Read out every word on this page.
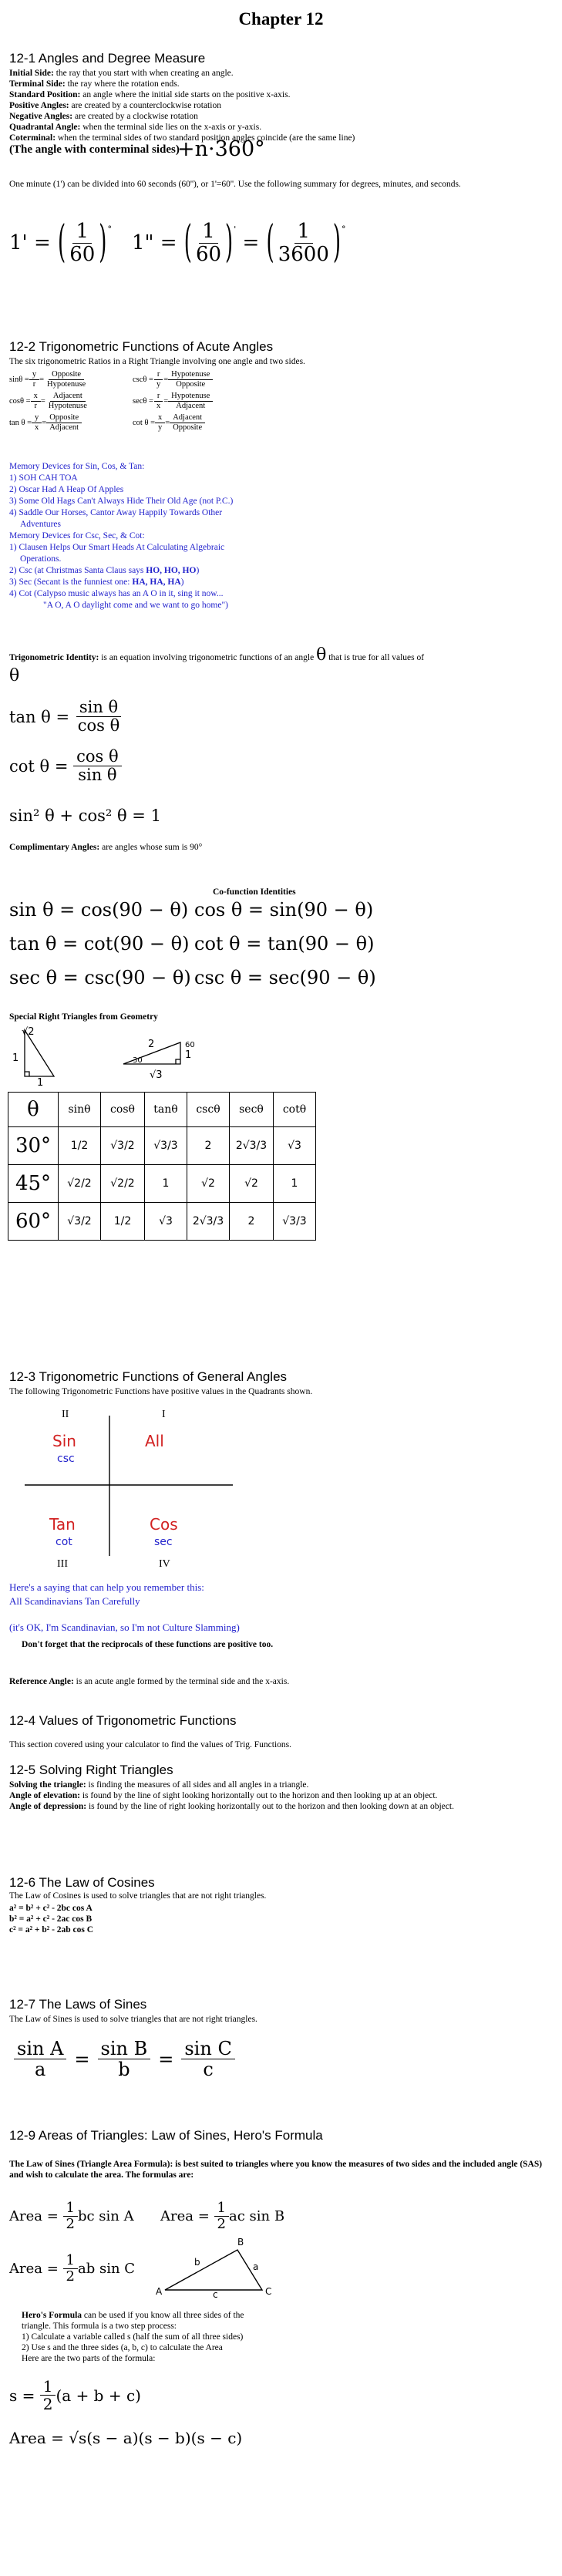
Chapter 12
12-1 Angles and Degree Measure
Initial Side: the ray that you start with when creating an angle.
Terminal Side: the ray where the rotation ends.
Standard Position: an angle where the initial side starts on the positive x-axis.
Positive Angles: are created by a counterclockwise rotation
Negative Angles: are created by a clockwise rotation
Quadrantal Angle: when the terminal side lies on the x-axis or y-axis.
Coterminal: when the terminal sides of two standard position angles coincide (are the same line)
(The angle with conterminal sides)
+n·360°
One minute (1') can be divided into 60 seconds (60''), or 1'=60''. Use the following summary for degrees, minutes, and seconds.
1' = ( $\frac{1}{60}$ ) °
1" = ( $\frac{1}{60}$ ) '
= ( $\frac{1}{3600}$ ) °
12-2 Trigonometric Functions of Acute Angles
The six trigonometric Ratios in a Right Triangle involving one angle and two sides.
$\sin\theta = \frac{y}{r} = \frac{\text{Opposite}}{\text{Hypotenuse}}$	$\csc\theta = \frac{r}{y} = \frac{\text{Hypotenuse}}{\text{Opposite}}$
$\cos\theta = \frac{x}{r} = \frac{\text{Adjacent}}{\text{Hypotenuse}}$	$\sec\theta = \frac{r}{x} = \frac{\text{Hypotenuse}}{\text{Adjacent}}$
$\tan \theta = \frac{y}{x} = \frac{\text{Opposite}}{\text{Adjacent}}$	$\cot \theta = \frac{x}{y} = \frac{\text{Adjacent}}{\text{Opposite}}$
Memory Devices for Sin, Cos, & Tan:
1) SOH CAH TOA
2) Oscar Had A Heap Of Apples
3) Some Old Hags Can't Always Hide Their Old Age (not P.C.)
4) Saddle Our Horses, Cantor Away Happily Towards Other
Adventures
Memory Devices for Csc, Sec, & Cot:
1) Clausen Helps Our Smart Heads At Calculating Algebraic
Operations.
2) Csc (at Christmas Santa Claus says HO, HO, HO)
3) Sec (Secant is the funniest one: HA, HA, HA)
4) Cot (Calypso music always has an A O in it, sing it now...
"A O, A O daylight come and we want to go home")
Trigonometric Identity: is an equation involving trigonometric functions of an angle θ that is true for all values of
θ
tan θ =
$\frac{\text{sin θ}}{\text{cos θ}}$
cot θ =
$\frac{\text{cos θ}}{\text{sin θ}}$
sin² θ + cos² θ = 1
Complimentary Angles: are angles whose sum is 90°
Co-function Identities
sin θ = cos(90 − θ) cos θ = sin(90 − θ)
tan θ = cot(90 − θ) cot θ = tan(90 − θ)
sec θ = csc(90 − θ) csc θ = sec(90 − θ)
Special Right Triangles from Geometry
√2
1
1
2	60
30	1
√3
θ	sinθ	cosθ	tanθ	cscθ	secθ	cotθ
30°	1/2	√3/2	√3/3	2	2√3/3	√3
45°	√2/2	√2/2	1	√2	√2	1
60°	√3/2	1/2	√3	2√3/3	2	√3/3
12-3 Trigonometric Functions of General Angles
The following Trigonometric Functions have positive values in the Quadrants shown.
II	I
III	IV
Sin
csc
All
Tan
cot
Cos
sec
Here's a saying that can help you remember this:
All Scandinavians Tan Carefully
(it's OK, I'm Scandinavian, so I'm not Culture Slamming)
Don't forget that the reciprocals of these functions are positive too.
Reference Angle: is an acute angle formed by the terminal side and the x-axis.
12-4 Values of Trigonometric Functions
This section covered using your calculator to find the values of Trig. Functions.
12-5 Solving Right Triangles
Solving the triangle: is finding the measures of all sides and all angles in a triangle.
Angle of elevation: is found by the line of sight looking horizontally out to the horizon and then looking up at an object.
Angle of depression: is found by the line of right looking horizontally out to the horizon and then looking down at an object.
12-6 The Law of Cosines
The Law of Cosines is used to solve triangles that are not right triangles.
a² = b² + c² - 2bc cos A
b² = a² + c² - 2ac cos B
c² = a² + b² - 2ab cos C
12-7 The Laws of Sines
The Law of Sines is used to solve triangles that are not right triangles.
$\frac{\text{sin A}}{a} = \frac{\text{sin B}}{b} = \frac{\text{sin C}}{c}$
12-9 Areas of Triangles: Law of Sines, Hero's Formula
The Law of Sines (Triangle Area Formula): is best suited to triangles where you know the measures of two sides and the included angle (SAS) and wish to calculate the area. The formulas are:
Area =
$\frac{1}{2}$ bc sin A Area =
$\frac{1}{2}$ ac sin B
Area =
$\frac{1}{2}$ ab sin C
A
B
C
b	a
c
Hero's Formula can be used if you know all three sides of the
triangle. This formula is a two step process:
1) Calculate a variable called s (half the sum of all three sides)
2) Use s and the three sides (a, b, c) to calculate the Area
Here are the two parts of the formula:
s =
$\frac{1}{2} (a + b + c)$
Area = √s(s − a)(s − b)(s − c)
